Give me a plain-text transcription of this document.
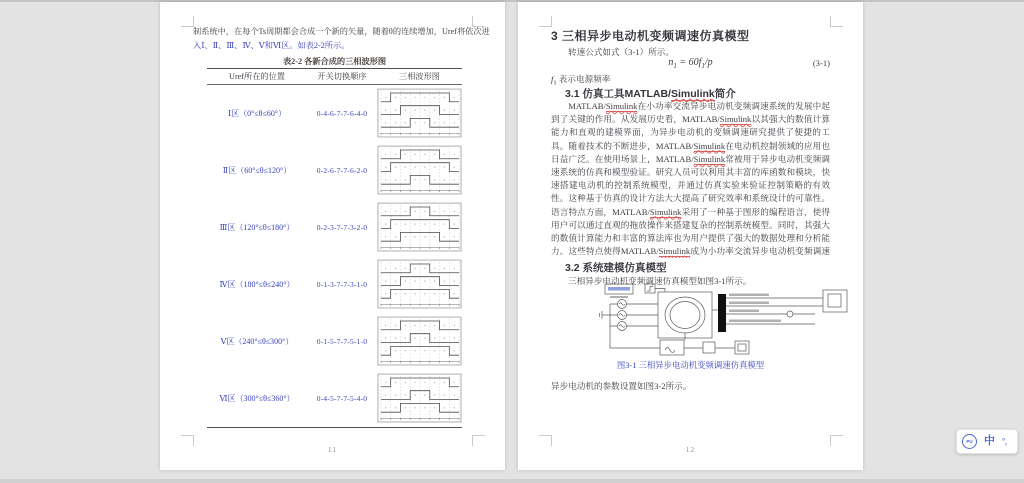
制系统中，在每个Ts周期都会合成一个新的矢量，随着θ的连续增加，Uref将依次进
入Ⅰ、Ⅱ、Ⅲ、Ⅳ、Ⅴ和Ⅵ区。如表2-2所示。
表2-2 各新合成的三相波形图
Uref所在的位置	开关切换顺序	三相波形图
Ⅰ区（0°≤θ≤60°）	0-4-6-7-7-6-4-0
Ⅱ区（60°≤θ≤120°）	0-2-6-7-7-6-2-0
Ⅲ区（120°≤θ≤180°）	0-2-3-7-7-3-2-0
Ⅳ区（180°≤θ≤240°）	0-1-3-7-7-3-1-0
Ⅴ区（240°≤θ≤300°）	0-1-5-7-7-5-1-0
Ⅵ区（300°≤θ≤360°）	0-4-5-7-7-5-4-0
11
3 三相异步电动机变频调速仿真模型
转速公式如式（3-1）所示。
$n_1 = 60f_1/p$	(3-1)
$f_1$ 表示电源频率
3.1 仿真工具MATLAB/Simulink简介
MATLAB/Simulink在小功率交流异步电动机变频调速系统的发展中起到了关键的作用。从发展历史看，MATLAB/Simulink以其强大的数值计算能力和直观的建模界面，为异步电动机的变频调速研究提供了便捷的工具。随着技术的不断进步，MATLAB/Simulink在电动机控制领域的应用也日益广泛。在使用场景上，MATLAB/Simulink常被用于异步电动机变频调速系统的仿真和模型验证。研究人员可以利用其丰富的库函数和模块，快速搭建电动机的控制系统模型，并通过仿真实验来验证控制策略的有效性。这种基于仿真的设计方法大大提高了研究效率和系统设计的可靠性。语言特点方面，MATLAB/Simulink采用了一种基于图形的编程语言，使得用户可以通过直观的拖放操作来搭建复杂的控制系统模型。同时，其强大的数值计算能力和丰富的算法库也为用户提供了强大的数据处理和分析能力。这些特点使得MATLAB/Simulink成为小功率交流异步电动机变频调速
3.2 系统建模仿真模型
三相异步电动机变频调速仿真模型如图3-1所示。
图3-1 三相异步电动机变频调速仿真模型
异步电动机的参数设置如图3-2所示。
12
PU	中 °，
